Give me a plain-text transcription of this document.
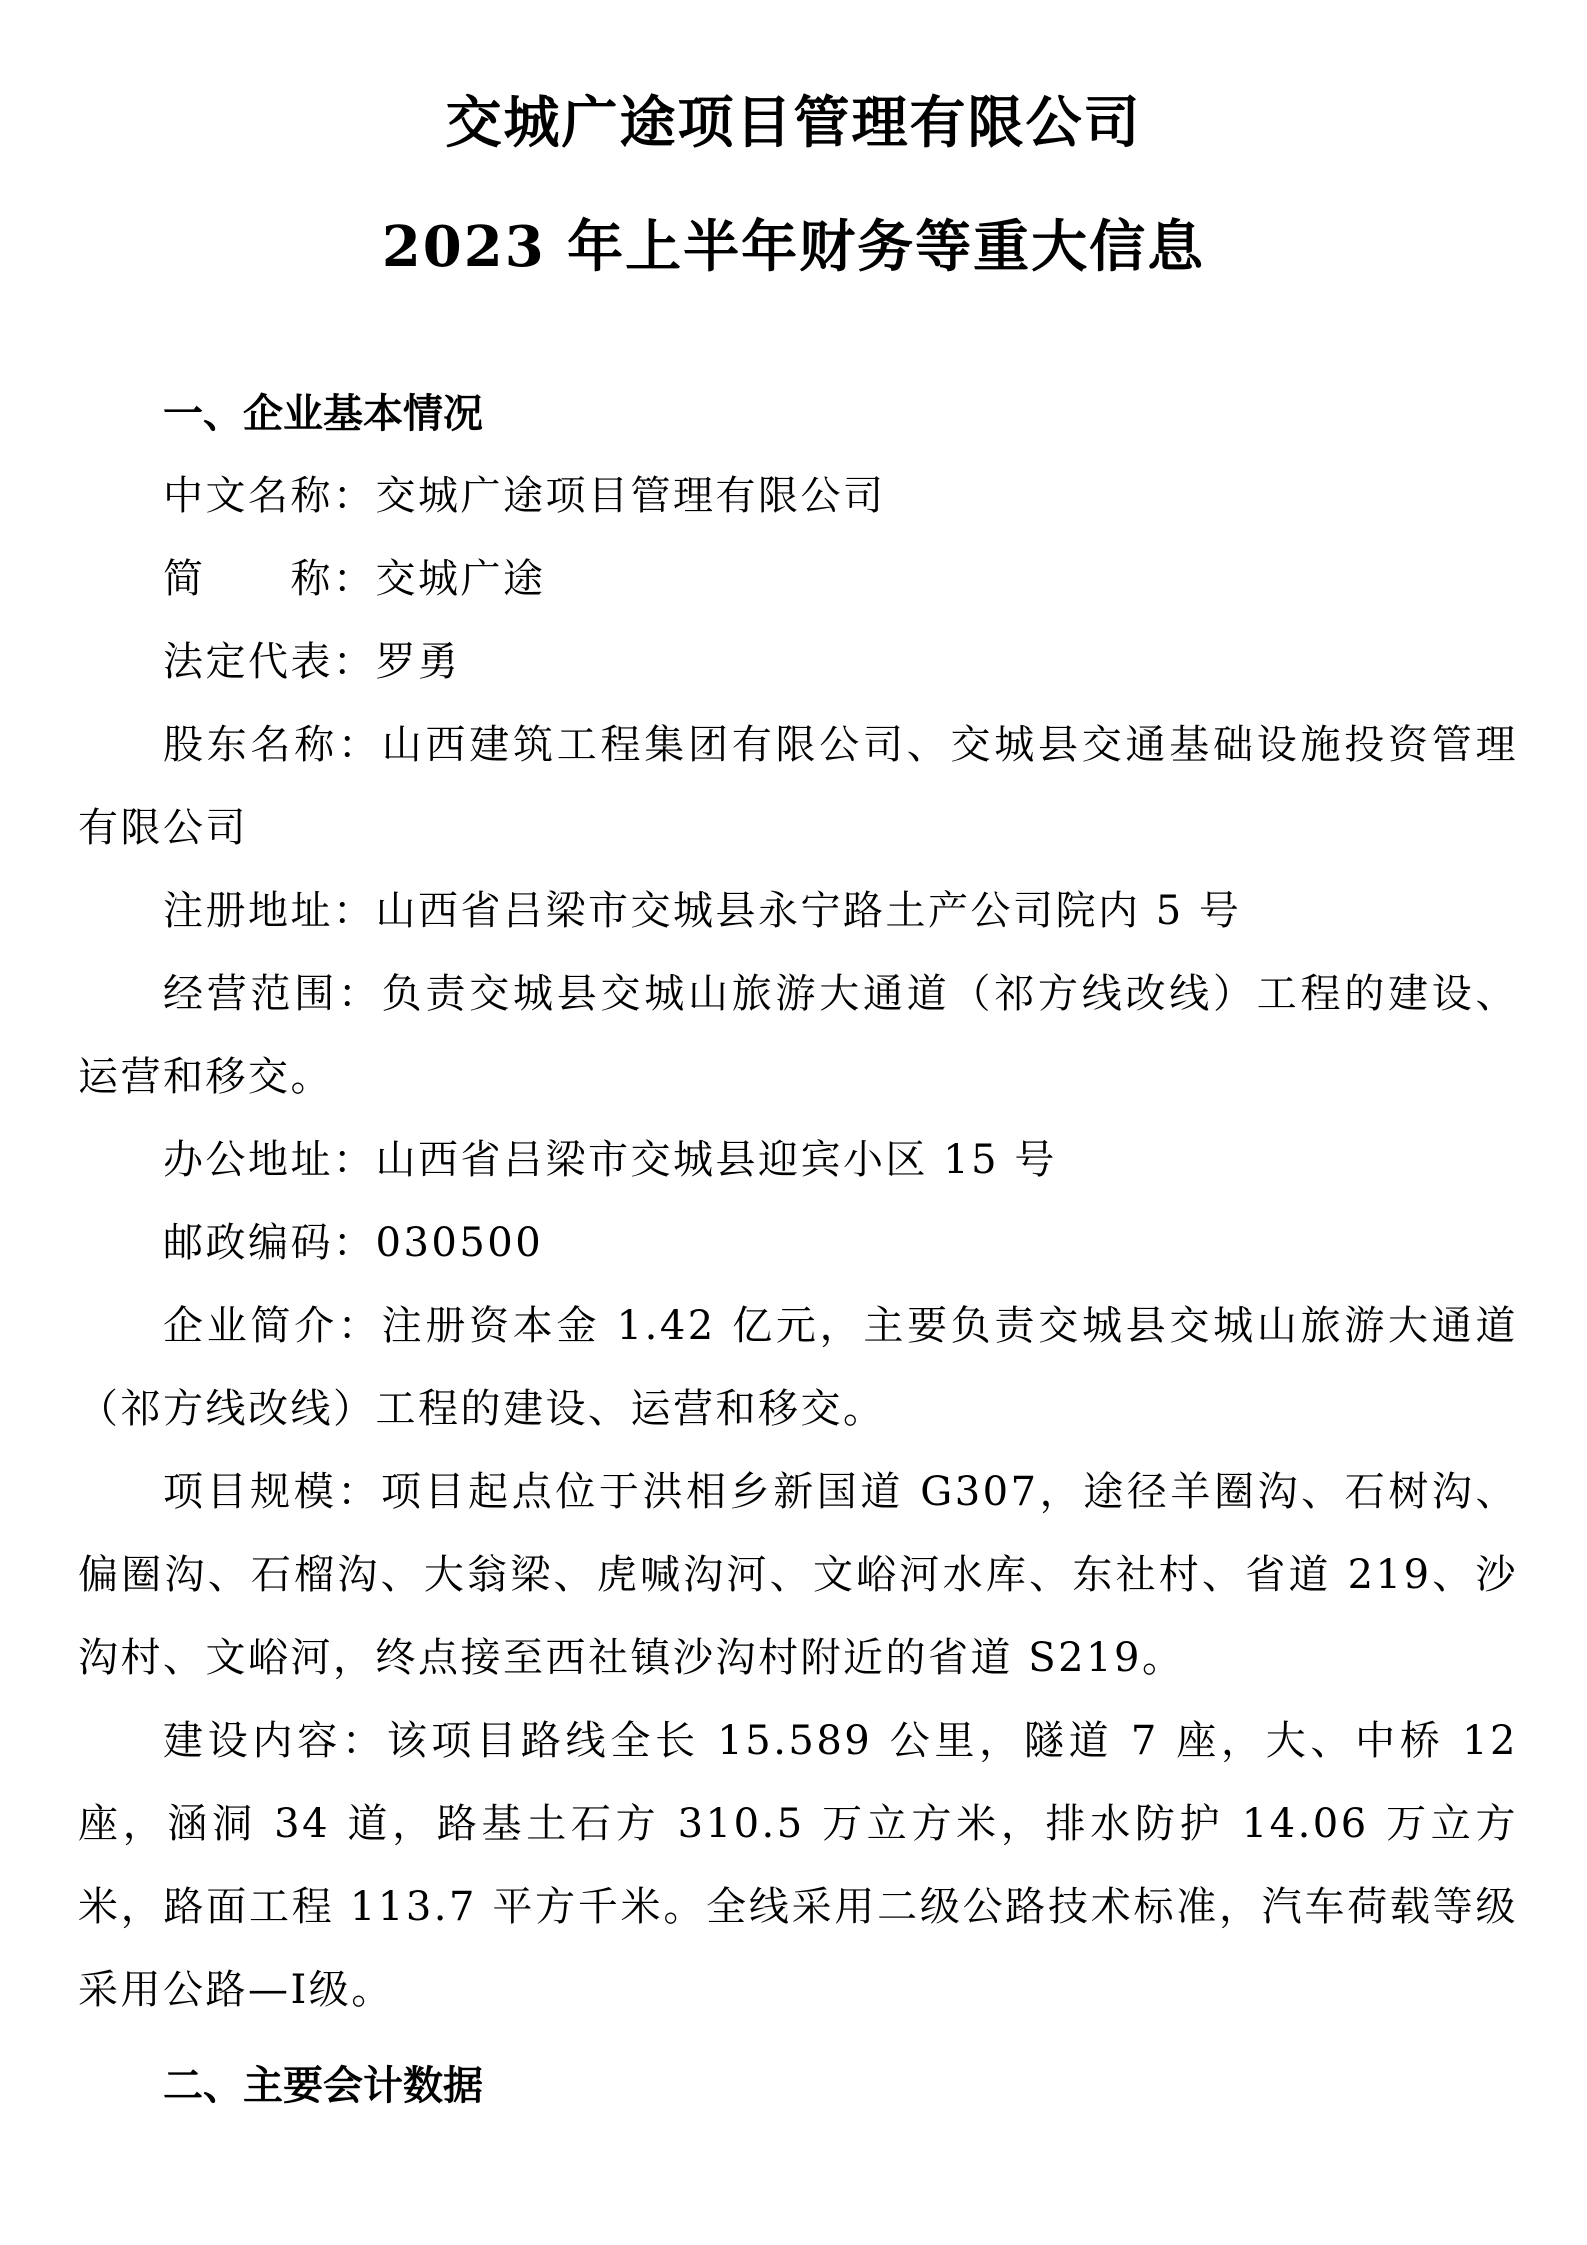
交城广途项目管理有限公司
2023 年上半年财务等重大信息
一、企业基本情况
中文名称：交城广途项目管理有限公司
简　　称：交城广途
法定代表：罗勇
股东名称：山西建筑工程集团有限公司、交城县交通基础设施投资管理有限公司
注册地址：山西省吕梁市交城县永宁路土产公司院内 5 号
经营范围：负责交城县交城山旅游大通道（祁方线改线）工程的建设、运营和移交。
办公地址：山西省吕梁市交城县迎宾小区 15 号
邮政编码：030500
企业简介：注册资本金 1.42 亿元，主要负责交城县交城山旅游大通道（祁方线改线）工程的建设、运营和移交。
项目规模：项目起点位于洪相乡新国道 G307，途径羊圈沟、石树沟、偏圈沟、石榴沟、大翁梁、虎喊沟河、文峪河水库、东社村、省道 219、沙沟村、文峪河，终点接至西社镇沙沟村附近的省道 S219。
建设内容：该项目路线全长 15.589 公里，隧道 7 座，大、中桥 12 座，涵洞 34 道，路基土石方 310.5 万立方米，排水防护 14.06 万立方米，路面工程 113.7 平方千米。全线采用二级公路技术标准，汽车荷载等级采用公路—Ⅰ级。
二、主要会计数据
